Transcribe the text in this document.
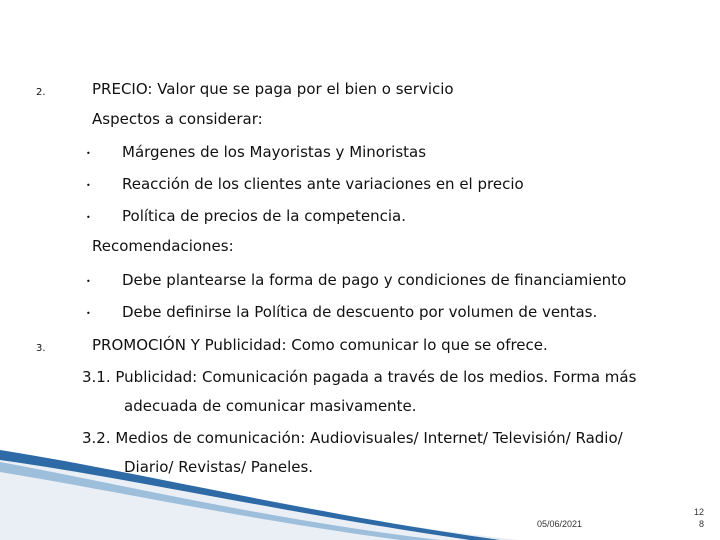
2.	PRECIO: Valor que se paga por el bien o servicio
Aspectos a considerar:
• Márgenes de los Mayoristas y Minoristas
• Reacción de los clientes ante variaciones en el precio
• Política de precios de la competencia.
Recomendaciones:
• Debe plantearse la forma de pago y condiciones de financiamiento
• Debe definirse la Política de descuento por volumen de ventas.
3.	PROMOCIÓN Y Publicidad: Como comunicar lo que se ofrece.
3.1. Publicidad: Comunicación pagada a través de los medios. Forma más
adecuada de comunicar masivamente.
3.2. Medios de comunicación: Audiovisuales/ Internet/ Televisión/ Radio/
Diario/ Revistas/ Paneles.
05/06/2021
12
8
